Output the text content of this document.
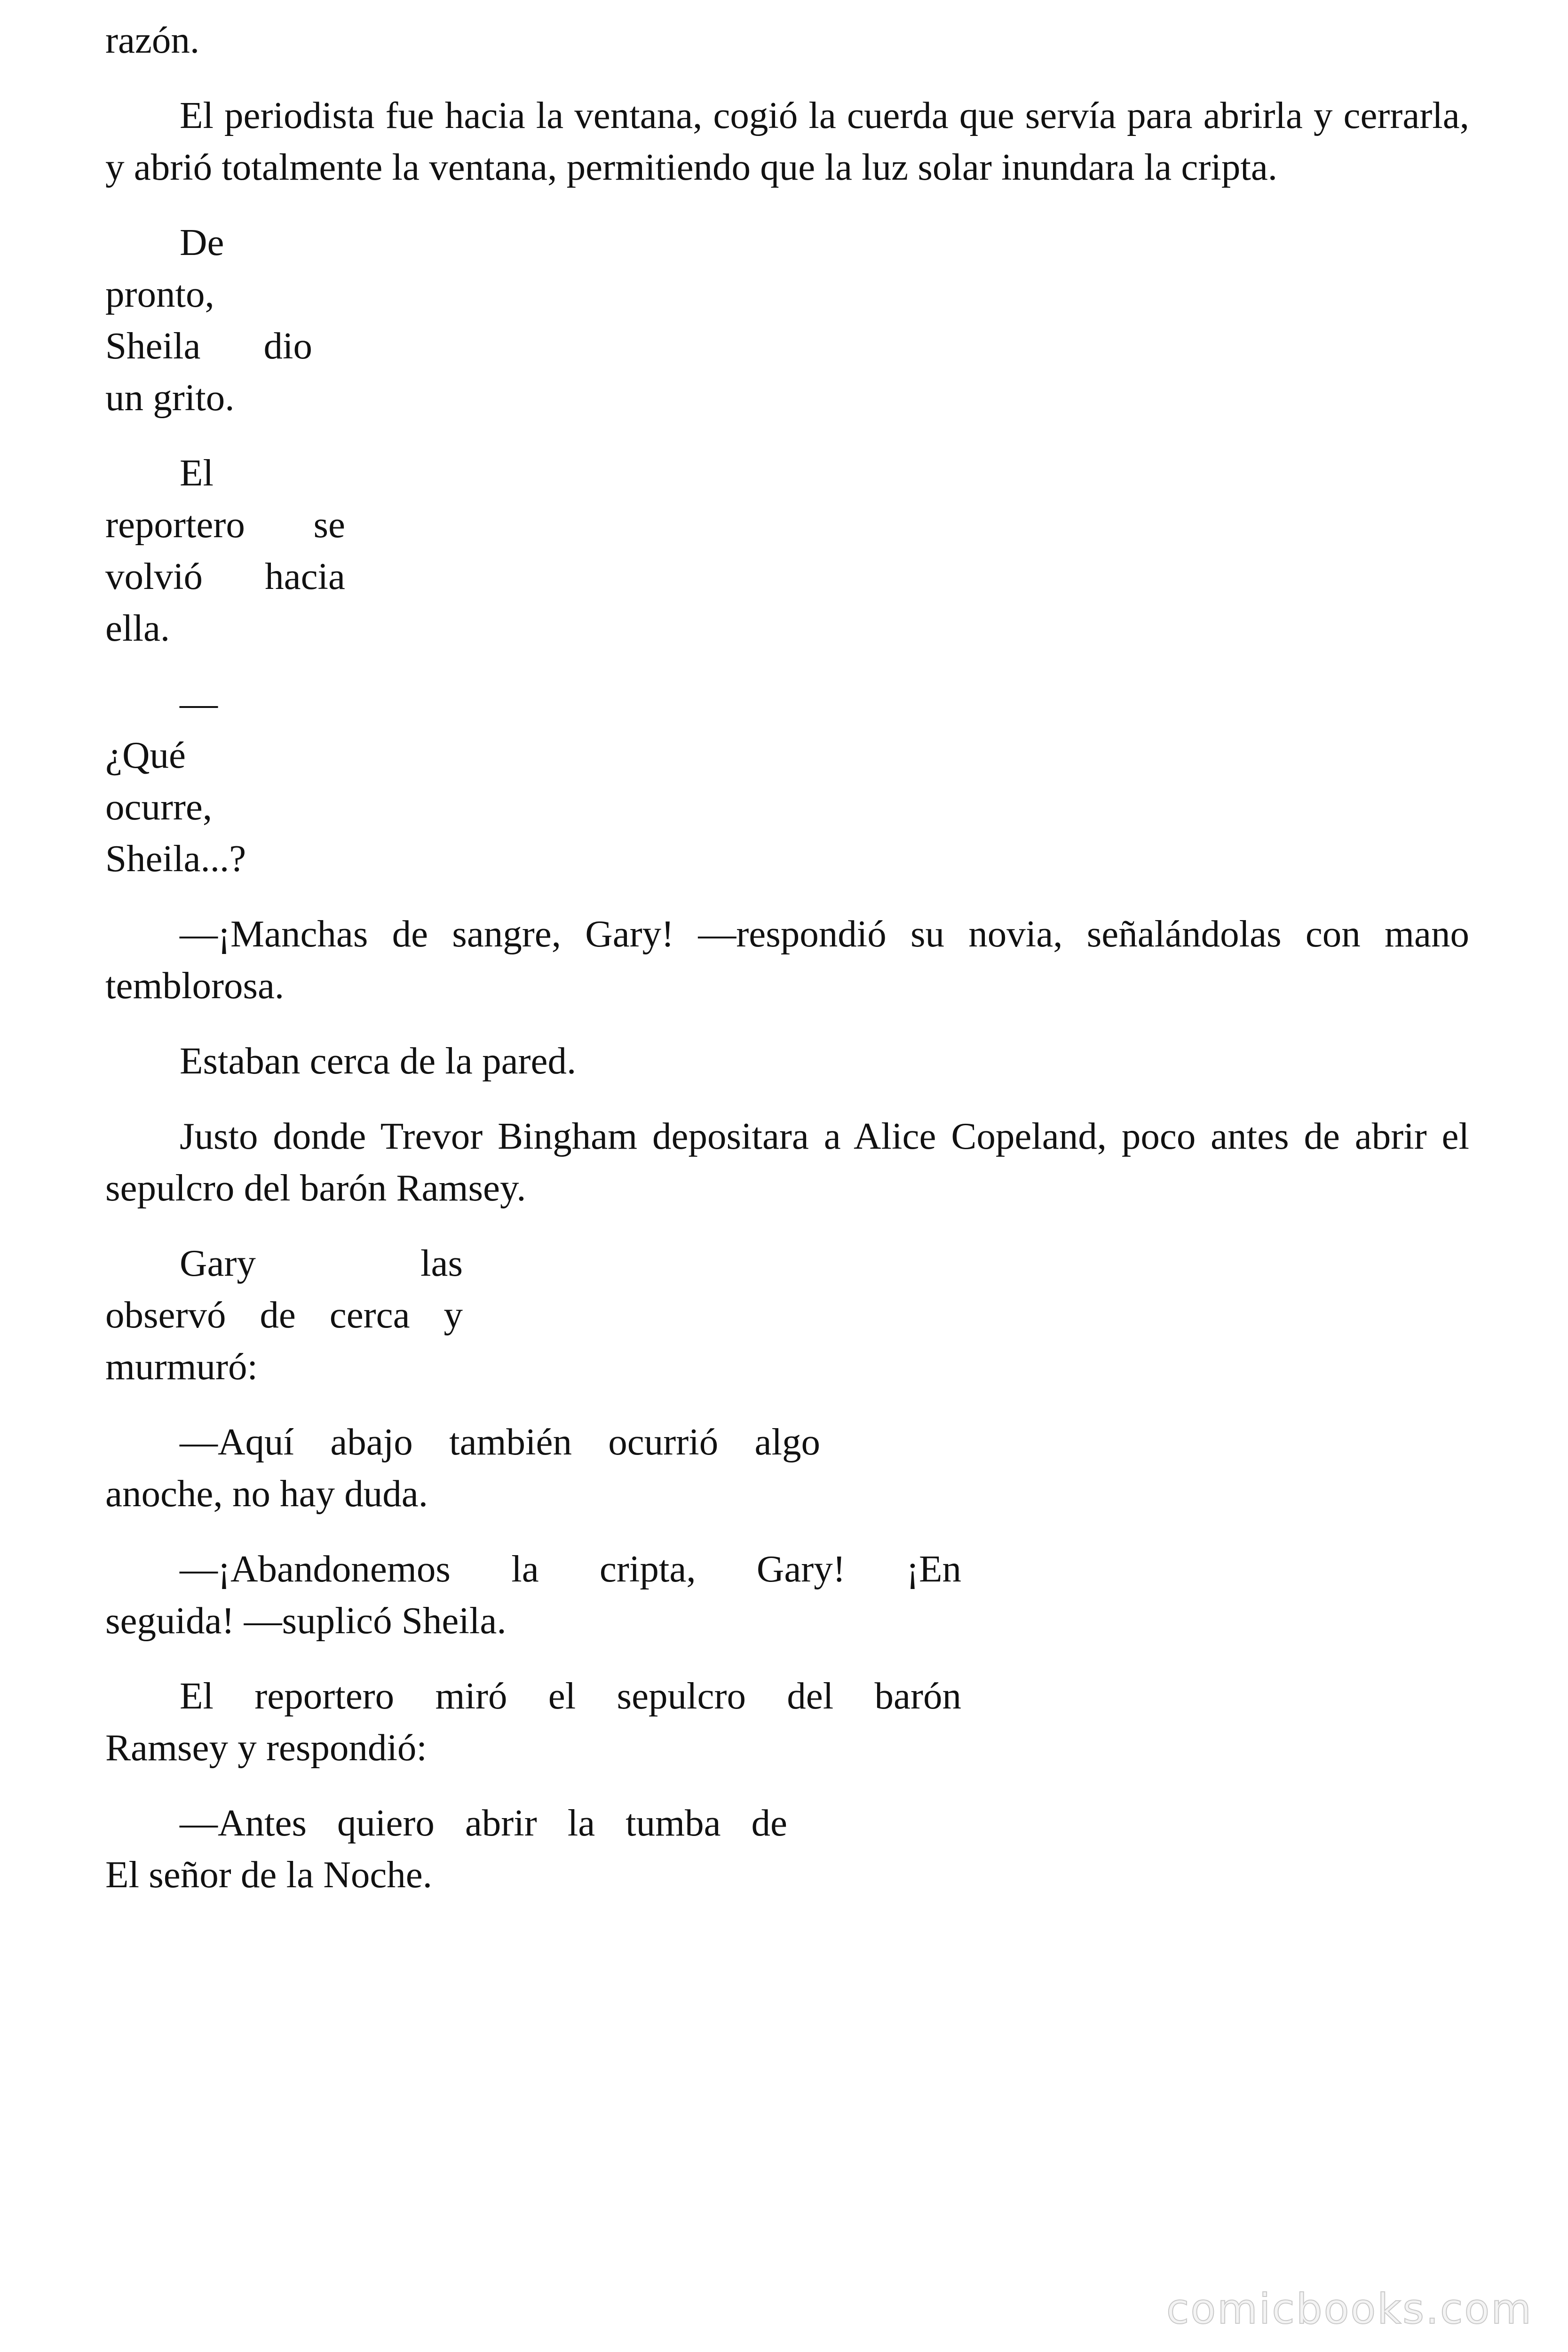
razón.

El periodista fue hacia la ventana, cogió la cuerda que servía para abrirla y cerrarla, y abrió totalmente la ventana, permitiendo que la luz solar inundara la cripta.

De
pronto,
Sheila dio
un grito.

El
reportero se
volvió hacia
ella.

—
¿Qué
ocurre,
Sheila...?

—¡Manchas de sangre, Gary! —respondió su novia, señalándolas con mano temblorosa.

Estaban cerca de la pared.

Justo donde Trevor Bingham depositara a Alice Copeland, poco antes de abrir el sepulcro del barón Ramsey.

Gary las
observó de cerca y
murmuró:

—Aquí abajo también ocurrió algo
anoche, no hay duda.

—¡Abandonemos la cripta, Gary! ¡En
seguida! —suplicó Sheila.

El reportero miró el sepulcro del barón
Ramsey y respondió:

—Antes quiero abrir la tumba de
El señor de la Noche.

comicbooks.com
